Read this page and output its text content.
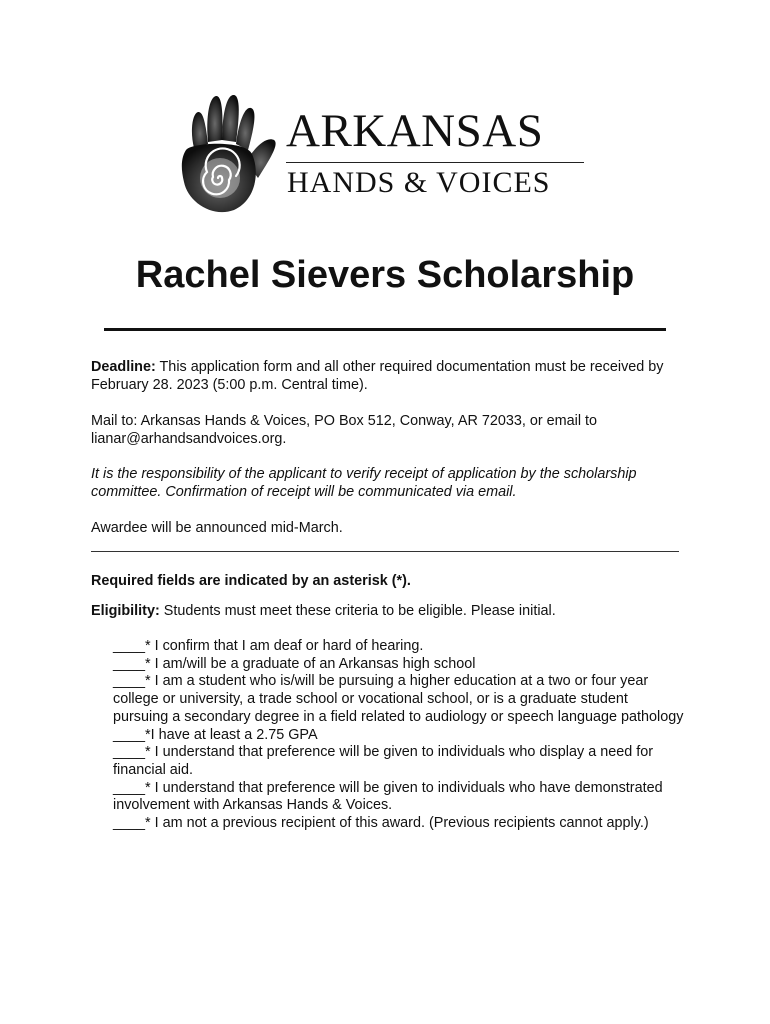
ARKANSAS
HANDS & VOICES
Rachel Sievers Scholarship
Deadline: This application form and all other required documentation must be received by February 28. 2023 (5:00 p.m. Central time).
Mail to: Arkansas Hands & Voices, PO Box 512, Conway, AR 72033, or email to lianar@arhandsandvoices.org.
It is the responsibility of the applicant to verify receipt of application by the scholarship committee. Confirmation of receipt will be communicated via email.
Awardee will be announced mid-March.
Required fields are indicated by an asterisk (*).
Eligibility: Students must meet these criteria to be eligible. Please initial.

____* I confirm that I am deaf or hard of hearing.

____* I am/will be a graduate of an Arkansas high school

____* I am a student who is/will be pursuing a higher education at a two or four year college or university, a trade school or vocational school, or is a graduate student pursuing a secondary degree in a field related to audiology or speech language pathology

____*I have at least a 2.75 GPA

____* I understand that preference will be given to individuals who display a need for financial aid.

____* I understand that preference will be given to individuals who have demonstrated involvement with Arkansas Hands & Voices.

____* I am not a previous recipient of this award. (Previous recipients cannot apply.)
